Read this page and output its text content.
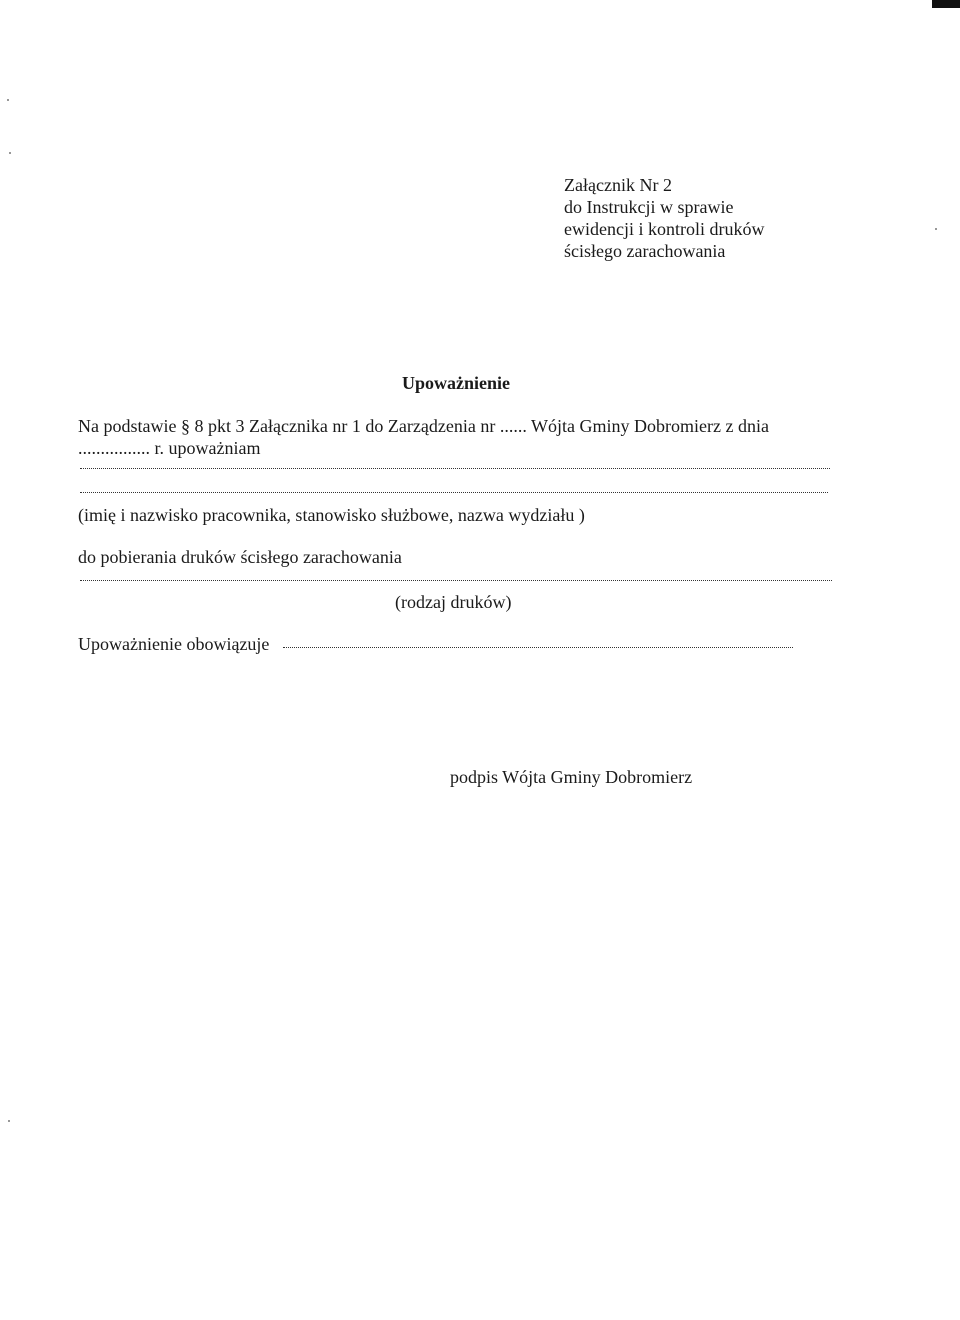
Załącznik Nr 2
do Instrukcji w sprawie
ewidencji i kontroli druków
ścisłego zarachowania
Upoważnienie
Na podstawie § 8 pkt 3 Załącznika nr 1 do Zarządzenia nr ...... Wójta Gminy Dobromierz z dnia
................ r. upoważniam
(imię i nazwisko pracownika, stanowisko służbowe, nazwa wydziału )
do pobierania druków ścisłego zarachowania
(rodzaj druków)
Upoważnienie obowiązuje
podpis Wójta Gminy Dobromierz
